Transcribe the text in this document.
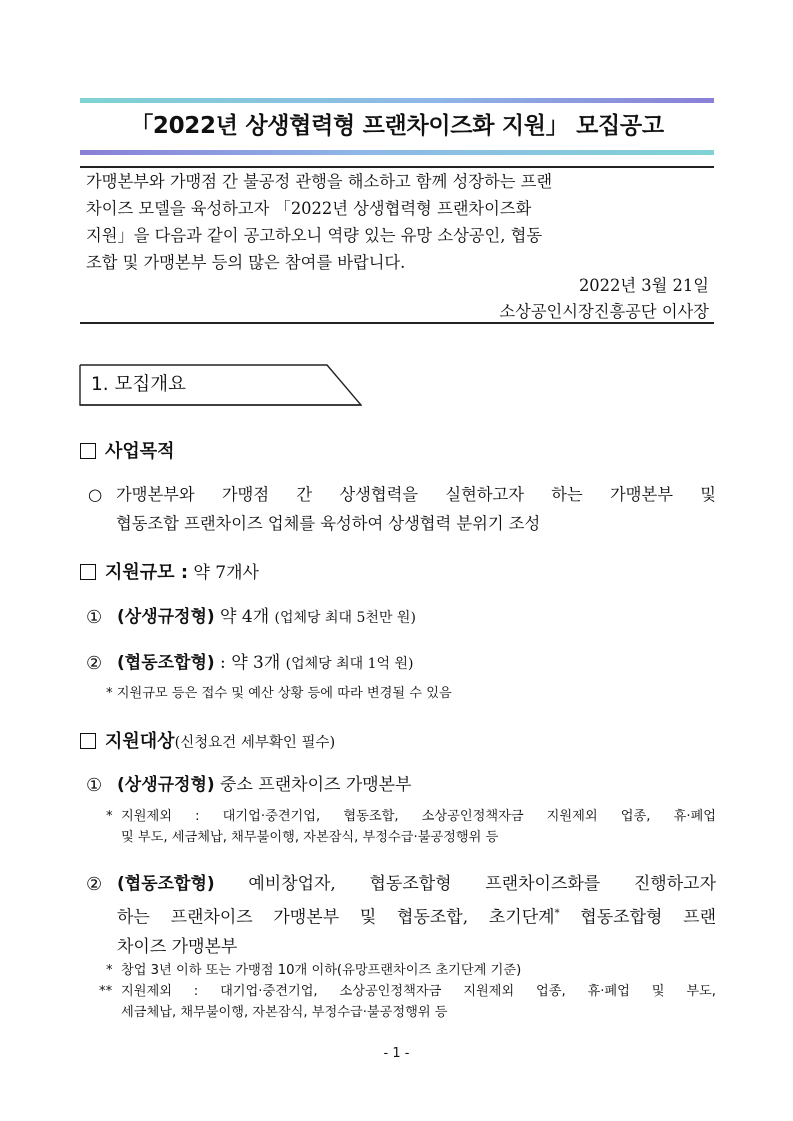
「2022년 상생협력형 프랜차이즈화 지원」 모집공고

가맹본부와 가맹점 간 불공정 관행을 해소하고 함께 성장하는 프랜

차이즈 모델을 육성하고자 「2022년 상생협력형 프랜차이즈화

지원」을 다음과 같이 공고하오니 역량 있는 유망 소상공인, 협동

조합 및 가맹본부 등의 많은 참여를 바랍니다.

2022년 3월 21일
소상공인시장진흥공단 이사장
1. 모집개요
사업목적
○ 가맹본부와 가맹점 간 상생협력을 실현하고자 하는 가맹본부 및
협동조합 프랜차이즈 업체를 육성하여 상생협력 분위기 조성
지원규모 : 약 7개사
① (상생규정형) 약 4개 (업체당 최대 5천만 원)
② (협동조합형) : 약 3개 (업체당 최대 1억 원)
* 지원규모 등은 접수 및 예산 상황 등에 따라 변경될 수 있음
지원대상(신청요건 세부확인 필수)
① (상생규정형) 중소 프랜차이즈 가맹본부
* 지원제외 : 대기업·중견기업, 협동조합, 소상공인정책자금 지원제외 업종, 휴·폐업
및 부도, 세금체납, 채무불이행, 자본잠식, 부정수급·불공정행위 등
② (협동조합형) 예비창업자, 협동조합형 프랜차이즈화를 진행하고자
하는 프랜차이즈 가맹본부 및 협동조합, 초기단계* 협동조합형 프랜
차이즈 가맹본부
* 창업 3년 이하 또는 가맹점 10개 이하(유망프랜차이즈 초기단계 기준)
** 지원제외 : 대기업·중견기업, 소상공인정책자금 지원제외 업종, 휴·폐업 및 부도,
세금체납, 채무불이행, 자본잠식, 부정수급·불공정행위 등
- 1 -
